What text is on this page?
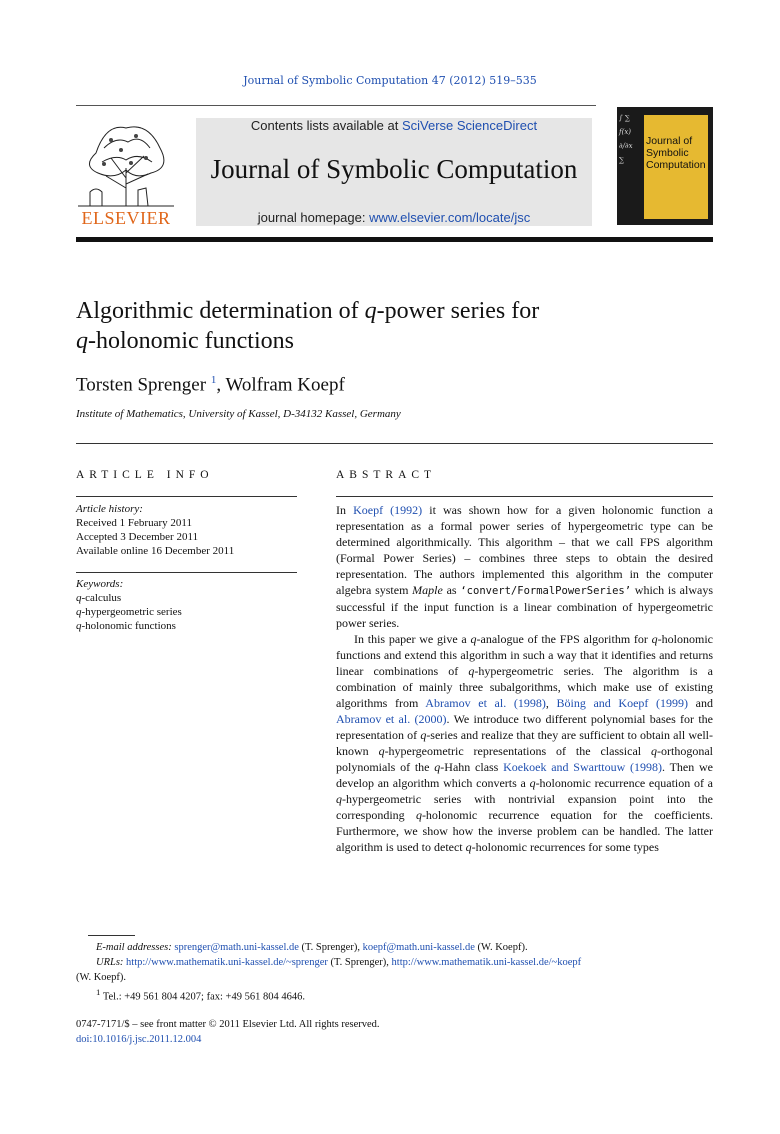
Journal of Symbolic Computation 47 (2012) 519–535
ELSEVIER
Contents lists available at SciVerse ScienceDirect
Journal of Symbolic Computation
journal homepage: www.elsevier.com/locate/jsc
∫ ∑
f(x)
∂/∂x
∑
Journal of
Symbolic
Computation
Algorithmic determination of q-power series for
q-holonomic functions
Torsten Sprenger $^1$, Wolfram Koepf
Institute of Mathematics, University of Kassel, D-34132 Kassel, Germany
ARTICLE INFO	ABSTRACT
Article history:
Received 1 February 2011
Accepted 3 December 2011
Available online 16 December 2011
Keywords:
q-calculus
q-hypergeometric series
q-holonomic functions

In Koepf (1992) it was shown how for a given holonomic function a representation as a formal power series of hypergeometric type can be determined algorithmically. This algorithm – that we call FPS algorithm (Formal Power Series) – combines three steps to obtain the desired representation. The authors implemented this algorithm in the computer algebra system Maple as ‘convert/FormalPowerSeries’ which is always successful if the input function is a linear combination of hypergeometric power series.

In this paper we give a q-analogue of the FPS algorithm for q-holonomic functions and extend this algorithm in such a way that it identifies and returns linear combinations of q-hypergeometric series. The algorithm is a combination of mainly three subalgorithms, which make use of existing algorithms from Abramov et al. (1998), Böing and Koepf (1999) and Abramov et al. (2000). We introduce two different polynomial bases for the representation of q-series and realize that they are sufficient to obtain all well-known q-hypergeometric representations of the classical q-orthogonal polynomials of the q-Hahn class Koekoek and Swarttouw (1998). Then we develop an algorithm which converts a q-holonomic recurrence equation of a q-hypergeometric series with nontrivial expansion point into the corresponding q-holonomic recurrence equation for the coefficients. Furthermore, we show how the inverse problem can be handled. The latter algorithm is used to detect q-holonomic recurrences for some types

E-mail addresses: sprenger@math.uni-kassel.de (T. Sprenger), koepf@math.uni-kassel.de (W. Koepf).
URLs: http://www.mathematik.uni-kassel.de/~sprenger (T. Sprenger), http://www.mathematik.uni-kassel.de/~koepf
(W. Koepf).
$^1$ Tel.: +49 561 804 4207; fax: +49 561 804 4646.
0747-7171/$ – see front matter © 2011 Elsevier Ltd. All rights reserved.
doi:10.1016/j.jsc.2011.12.004
